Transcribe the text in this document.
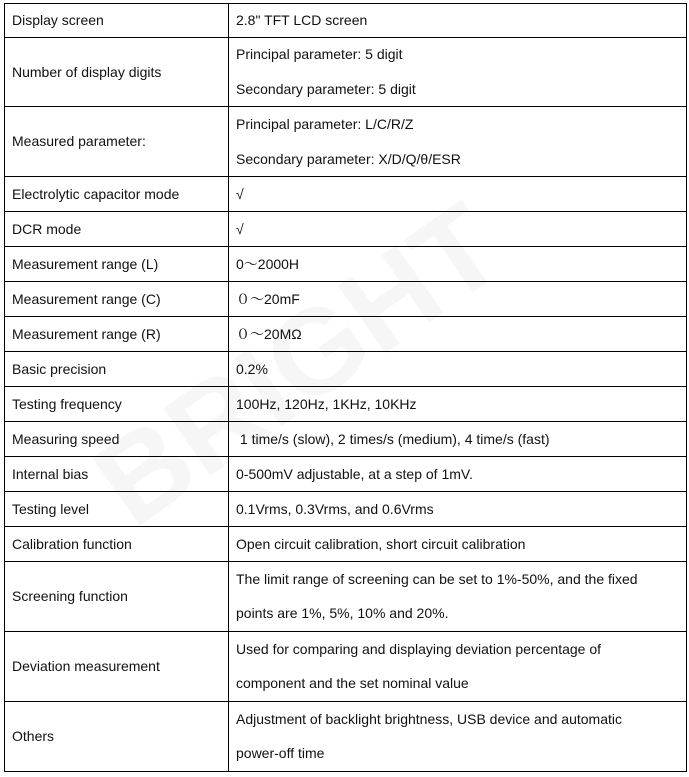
Display screen	2.8" TFT LCD screen
Number of display digits	Principal parameter: 5 digit
Secondary parameter: 5 digit

Measured parameter:	Principal parameter: L/C/R/Z
Secondary parameter: X/D/Q/θ/ESR

Electrolytic capacitor mode	√
DCR mode	√
Measurement range (L)	0～2000H
Measurement range (C)	０～20mF
Measurement range (R)	０～20MΩ
Basic precision	0.2%
Testing frequency	100Hz, 120Hz, 1KHz, 10KHz
Measuring speed	1 time/s (slow), 2 times/s (medium), 4 time/s (fast)
Internal bias	0-500mV adjustable, at a step of 1mV.
Testing level	0.1Vrms, 0.3Vrms, and 0.6Vrms
Calibration function	Open circuit calibration, short circuit calibration
Screening function	The limit range of screening can be set to 1%-50%, and the fixed
points are 1%, 5%, 10% and 20%.

Deviation measurement	Used for comparing and displaying deviation percentage of
component and the set nominal value

Others	Adjustment of backlight brightness, USB device and automatic
power-off time
